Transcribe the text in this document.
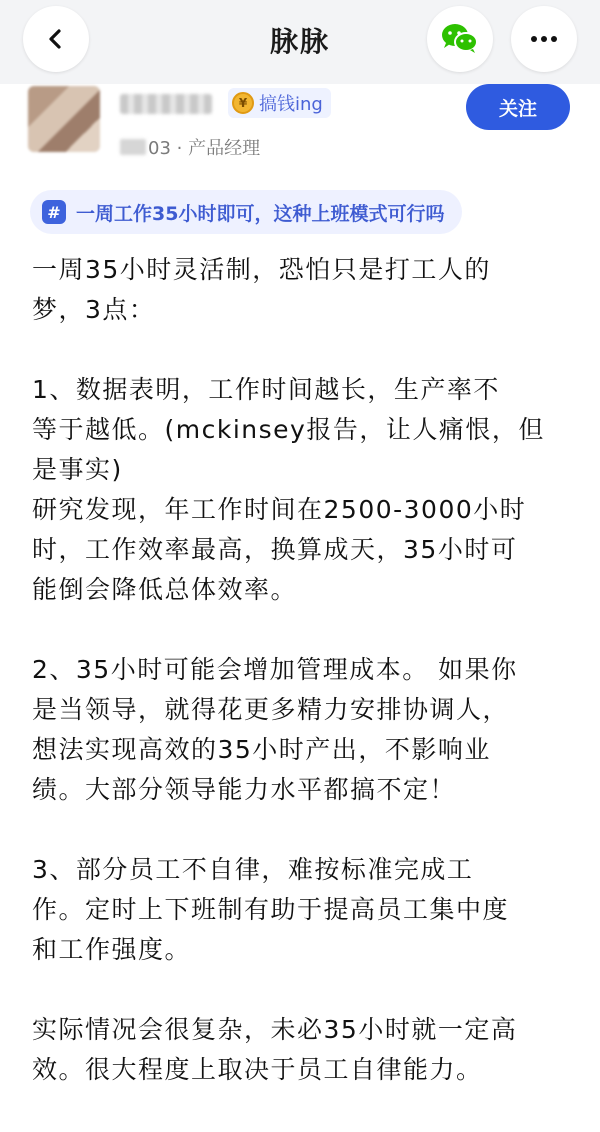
脉脉
¥ 搞钱ing
03 · 产品经理
关注
# 一周工作35小时即可，这种上班模式可行吗

一周35小时灵活制，恐怕只是打工人的

梦，3点：

1、数据表明，工作时间越长，生产率不

等于越低。(mckinsey报告，让人痛恨，但

是事实)

研究发现，年工作时间在2500-3000小时

时，工作效率最高，换算成天，35小时可

能倒会降低总体效率。

2、35小时可能会增加管理成本。 如果你

是当领导，就得花更多精力安排协调人，

想法实现高效的35小时产出，不影响业

绩。大部分领导能力水平都搞不定！

3、部分员工不自律，难按标准完成工

作。定时上下班制有助于提高员工集中度

和工作强度。

实际情况会很复杂，未必35小时就一定高

效。很大程度上取决于员工自律能力。
